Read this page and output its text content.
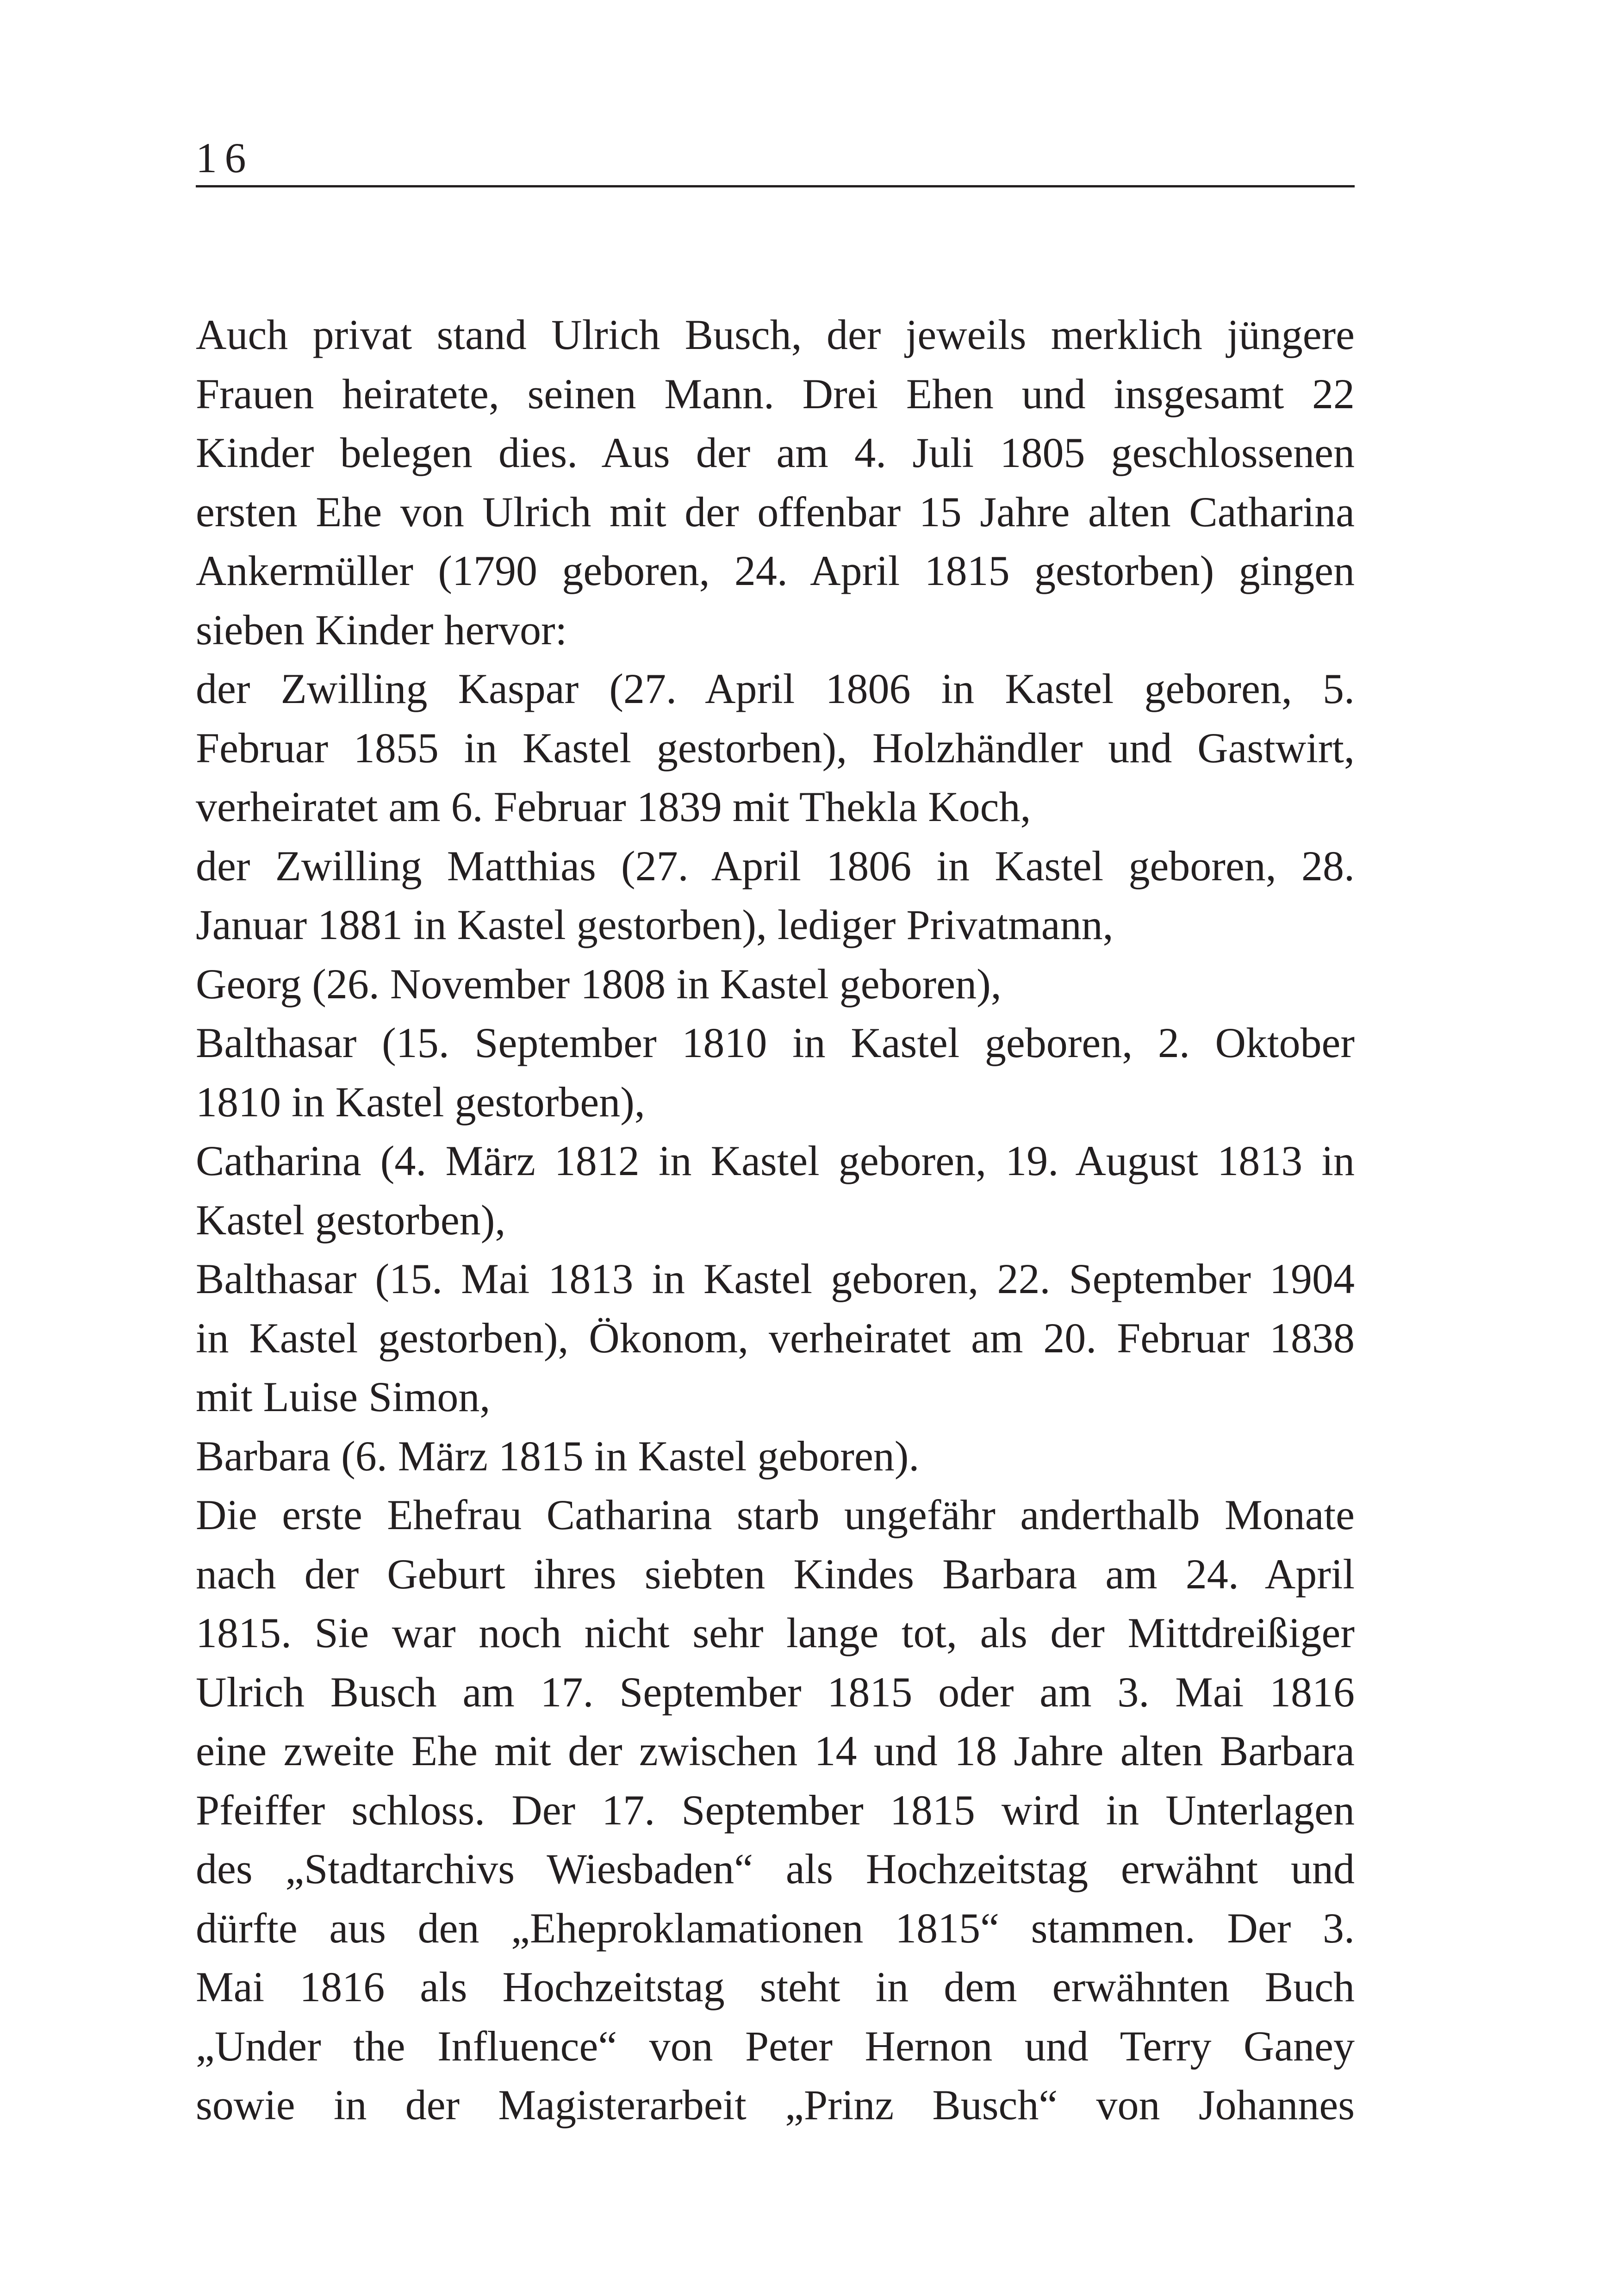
16
Auch privat stand Ulrich Busch, der jeweils merklich jüngere
Frauen heiratete, seinen Mann. Drei Ehen und insgesamt 22
Kinder belegen dies. Aus der am 4. Juli 1805 geschlossenen
ersten Ehe von Ulrich mit der offenbar 15 Jahre alten Catharina
Ankermüller (1790 geboren, 24. April 1815 gestorben) gingen
sieben Kinder hervor:
der Zwilling Kaspar (27. April 1806 in Kastel geboren, 5.
Februar 1855 in Kastel gestorben), Holzhändler und Gastwirt,
verheiratet am 6. Februar 1839 mit Thekla Koch,
der Zwilling Matthias (27. April 1806 in Kastel geboren, 28.
Januar 1881 in Kastel gestorben), lediger Privatmann,
Georg (26. November 1808 in Kastel geboren),
Balthasar (15. September 1810 in Kastel geboren, 2. Oktober
1810 in Kastel gestorben),
Catharina (4. März 1812 in Kastel geboren, 19. August 1813 in
Kastel gestorben),
Balthasar (15. Mai 1813 in Kastel geboren, 22. September 1904
in Kastel gestorben), Ökonom, verheiratet am 20. Februar 1838
mit Luise Simon,
Barbara (6. März 1815 in Kastel geboren).
Die erste Ehefrau Catharina starb ungefähr anderthalb Monate
nach der Geburt ihres siebten Kindes Barbara am 24. April
1815. Sie war noch nicht sehr lange tot, als der Mittdreißiger
Ulrich Busch am 17. September 1815 oder am 3. Mai 1816
eine zweite Ehe mit der zwischen 14 und 18 Jahre alten Barbara
Pfeiffer schloss. Der 17. September 1815 wird in Unterlagen
des „Stadtarchivs Wiesbaden“ als Hochzeitstag erwähnt und
dürfte aus den „Eheproklamationen 1815“ stammen. Der 3.
Mai 1816 als Hochzeitstag steht in dem erwähnten Buch
„Under the Influence“ von Peter Hernon und Terry Ganey
sowie in der Magisterarbeit „Prinz Busch“ von Johannes
